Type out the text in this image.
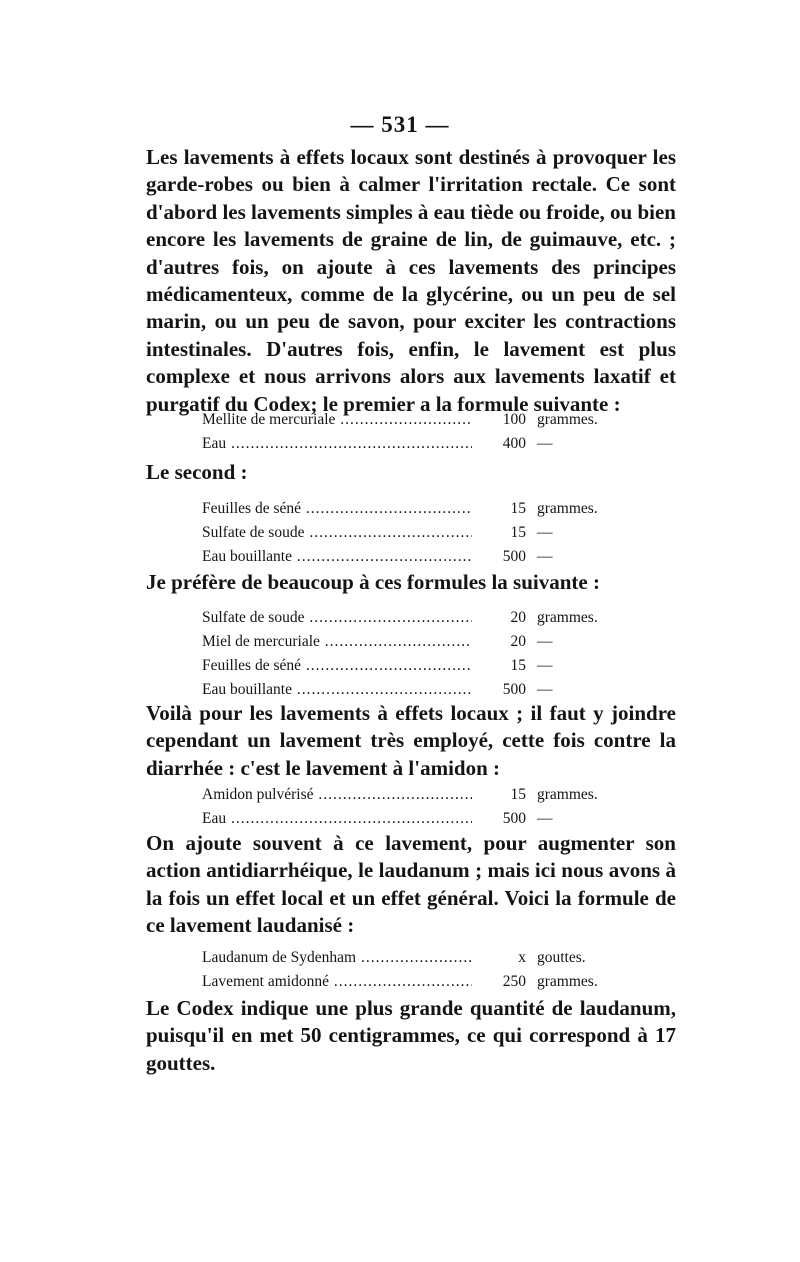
— 531 —

Les lavements à effets locaux sont destinés à provoquer les garde-robes ou bien à calmer l'irritation rectale. Ce sont d'abord les lavements simples à eau tiède ou froide, ou bien encore les lavements de graine de lin, de guimauve, etc. ; d'autres fois, on ajoute à ces lavements des principes médicamenteux, comme de la glycérine, ou un peu de sel marin, ou un peu de savon, pour exciter les contractions intestinales. D'autres fois, enfin, le lavement est plus complexe et nous arrivons alors aux lavements laxatif et purgatif du Codex; le premier a la formule suivante :

Mellite de mercuriale .....	100 grammes.
Eau .....	400 —
Le second :
Feuilles de séné .....	15 grammes.
Sulfate de soude .....	15 —
Eau bouillante .....	500 —
Je préfère de beaucoup à ces formules la suivante :
Sulfate de soude .....	20 grammes.
Miel de mercuriale .....	20 —
Feuilles de séné .....	15 —
Eau bouillante .....	500 —

Voilà pour les lavements à effets locaux ; il faut y joindre cependant un lavement très employé, cette fois contre la diarrhée : c'est le lavement à l'amidon :

Amidon pulvérisé .....	15 grammes.
Eau .....	500 —

On ajoute souvent à ce lavement, pour augmenter son action antidiarrhéique, le laudanum ; mais ici nous avons à la fois un effet local et un effet général. Voici la formule de ce lavement laudanisé :

Laudanum de Sydenham .....	x gouttes.
Lavement amidonné .....	250 grammes.

Le Codex indique une plus grande quantité de laudanum, puisqu'il en met 50 centigrammes, ce qui correspond à 17 gouttes.
